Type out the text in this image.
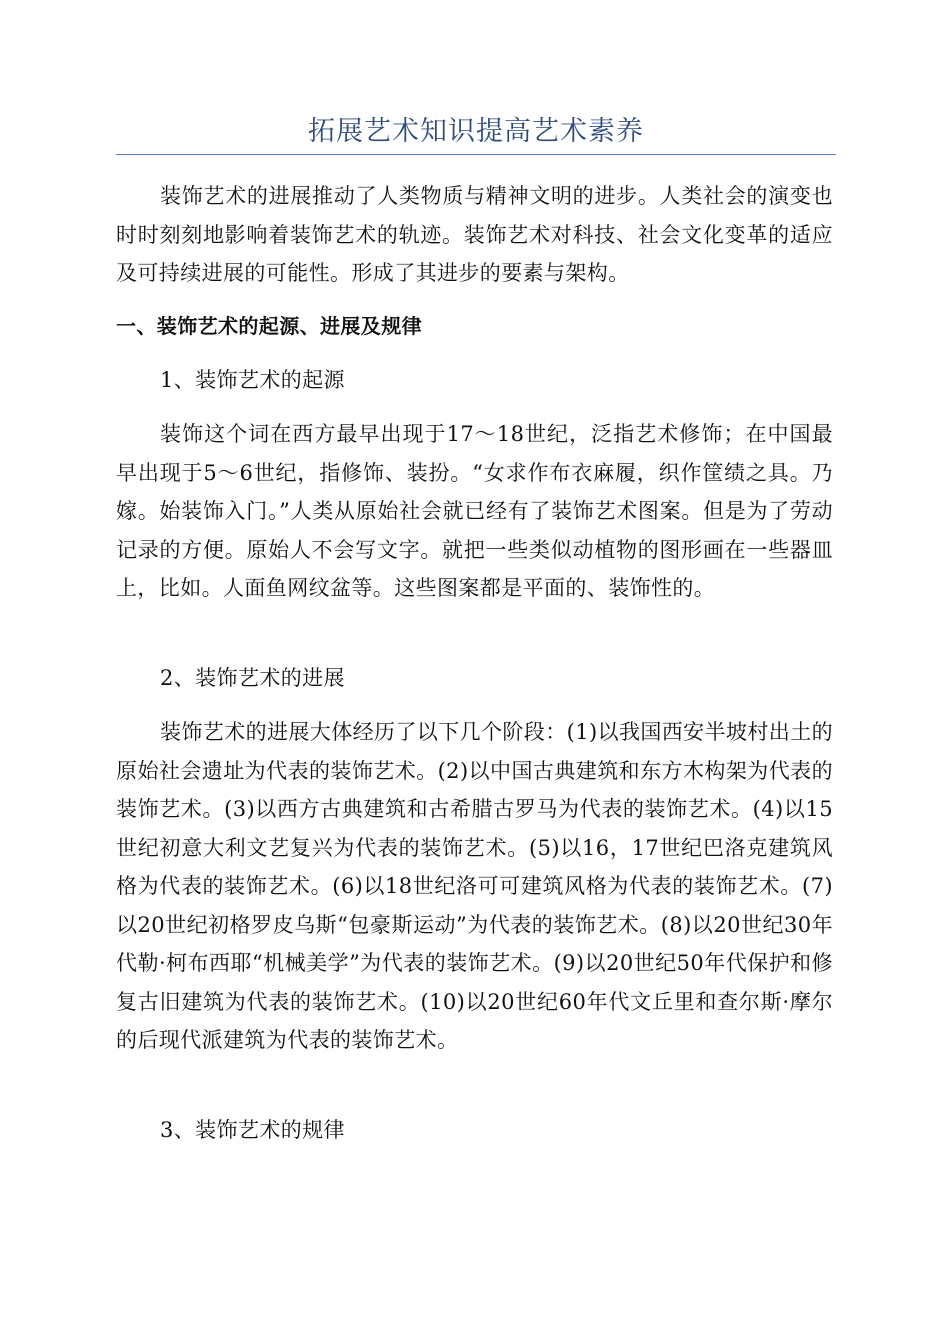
拓展艺术知识提高艺术素养

装饰艺术的进展推动了人类物质与精神文明的进步。人类社会的演变也时时刻刻地影响着装饰艺术的轨迹。装饰艺术对科技、社会文化变革的适应及可持续进展的可能性。形成了其进步的要素与架构。

一、装饰艺术的起源、进展及规律

1、装饰艺术的起源

装饰这个词在西方最早出现于17～18世纪，泛指艺术修饰；在中国最早出现于5～6世纪，指修饰、装扮。“女求作布衣麻履，织作筐绩之具。乃嫁。始装饰入门。”人类从原始社会就已经有了装饰艺术图案。但是为了劳动记录的方便。原始人不会写文字。就把一些类似动植物的图形画在一些器皿上，比如。人面鱼网纹盆等。这些图案都是平面的、装饰性的。

2、装饰艺术的进展

装饰艺术的进展大体经历了以下几个阶段：(1)以我国西安半坡村出土的原始社会遗址为代表的装饰艺术。(2)以中国古典建筑和东方木构架为代表的装饰艺术。(3)以西方古典建筑和古希腊古罗马为代表的装饰艺术。(4)以15世纪初意大利文艺复兴为代表的装饰艺术。(5)以16，17世纪巴洛克建筑风格为代表的装饰艺术。(6)以18世纪洛可可建筑风格为代表的装饰艺术。(7)以20世纪初格罗皮乌斯“包豪斯运动”为代表的装饰艺术。(8)以20世纪30年代勒·柯布西耶“机械美学”为代表的装饰艺术。(9)以20世纪50年代保护和修复古旧建筑为代表的装饰艺术。(10)以20世纪60年代文丘里和查尔斯·摩尔的后现代派建筑为代表的装饰艺术。

3、装饰艺术的规律
